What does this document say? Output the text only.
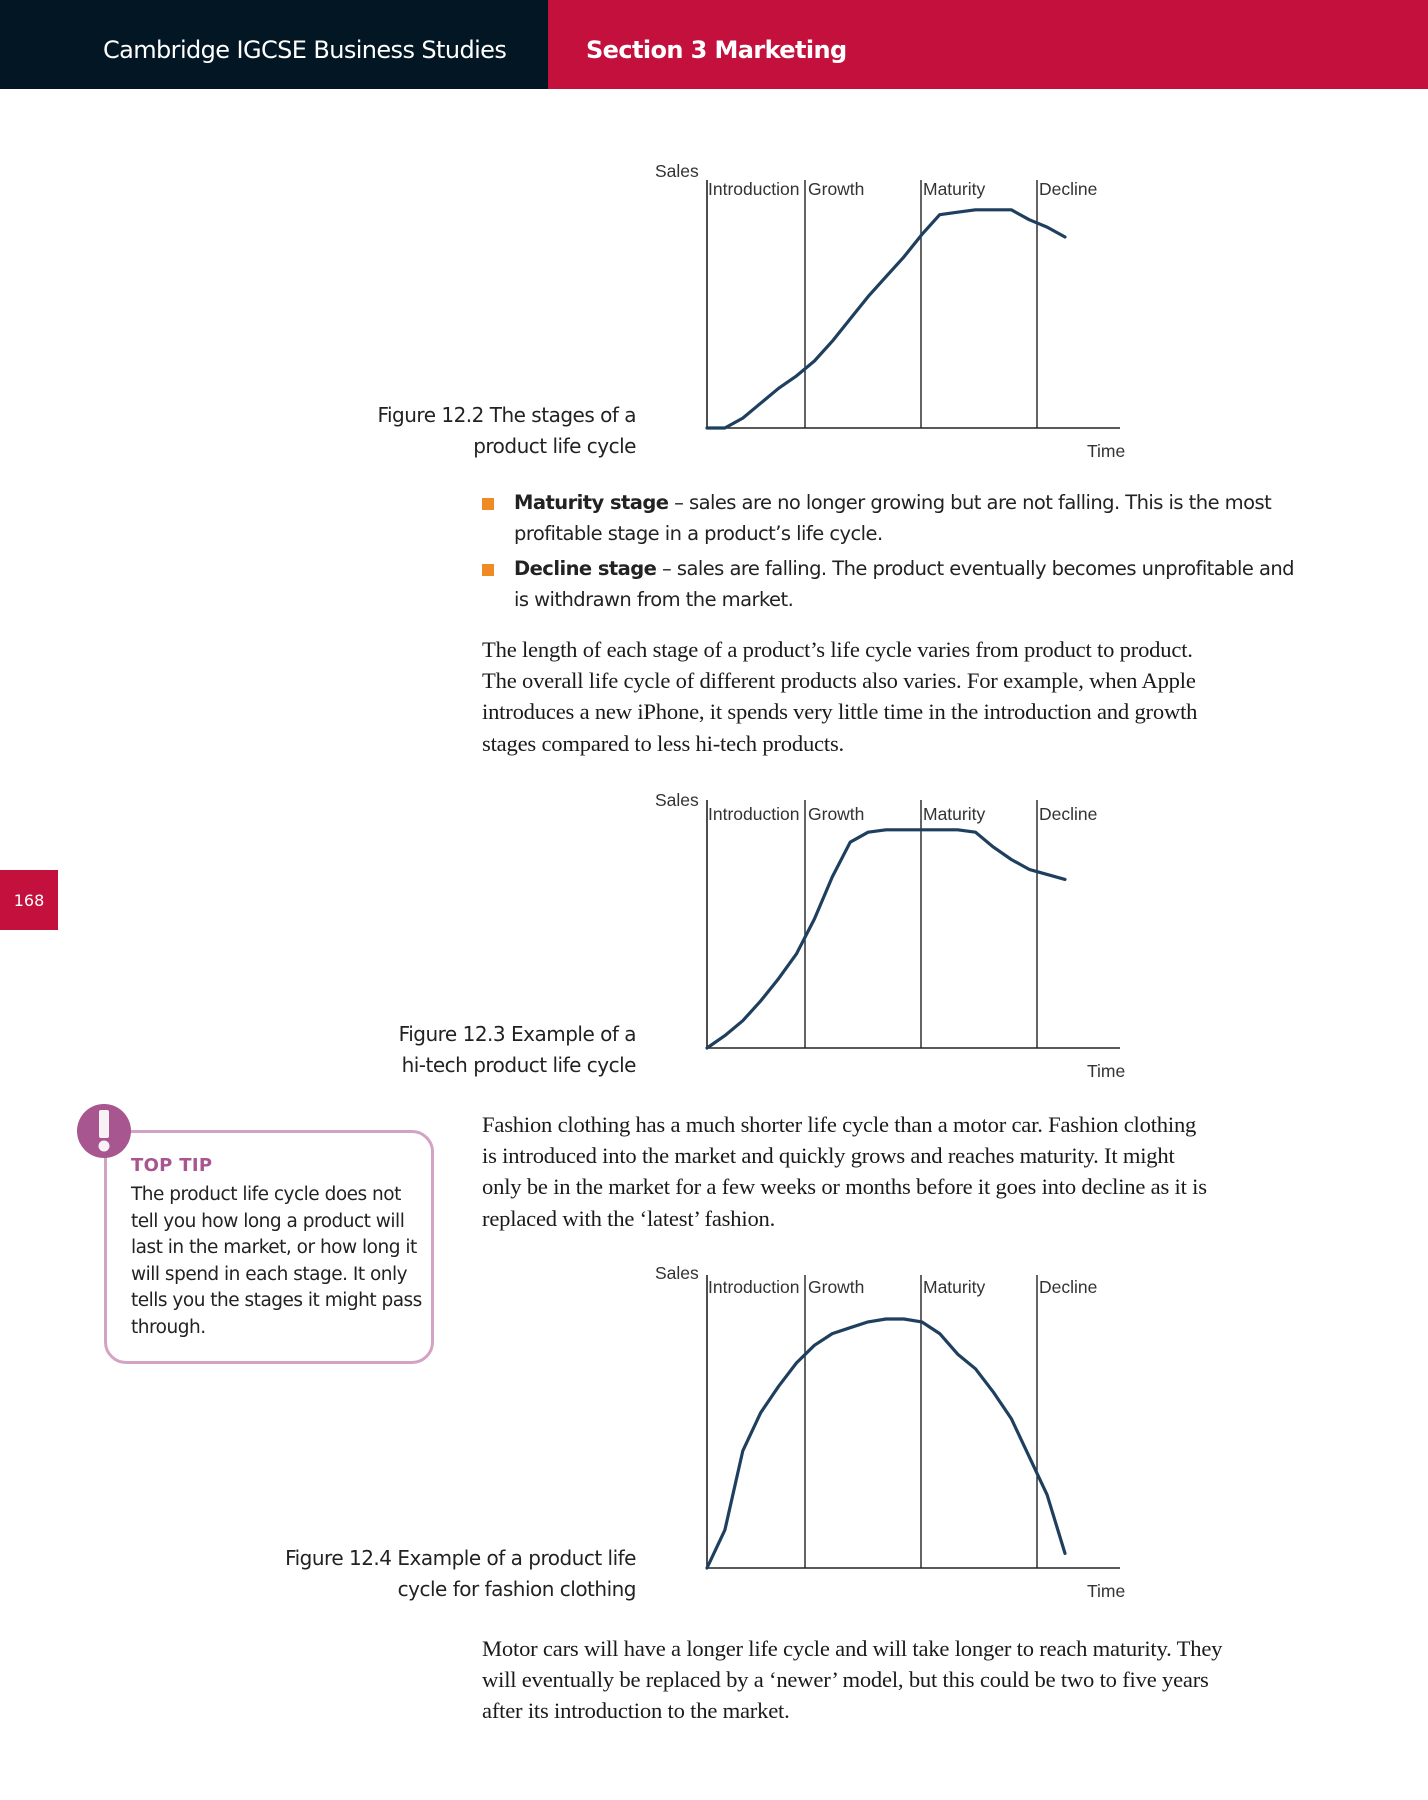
Cambridge IGCSE Business Studies	Section 3 Marketing
168
Figure 12.2 The stages of a
product life cycle
Sales
Introduction Growth	Maturity	Decline
Time
Maturity stage – sales are no longer growing but are not falling. This is the most
profitable stage in a product’s life cycle.
Decline stage – sales are falling. The product eventually becomes unprofitable and
is withdrawn from the market.
The length of each stage of a product’s life cycle varies from product to product.
The overall life cycle of different products also varies. For example, when Apple
introduces a new iPhone, it spends very little time in the introduction and growth
stages compared to less hi-tech products.
Figure 12.3 Example of a
hi-tech product life cycle
Sales
Introduction Growth	Maturity	Decline
Time
TOP TIP
The product life cycle does not
tell you how long a product will
last in the market, or how long it
will spend in each stage. It only
tells you the stages it might pass
through.
Fashion clothing has a much shorter life cycle than a motor car. Fashion clothing
is introduced into the market and quickly grows and reaches maturity. It might
only be in the market for a few weeks or months before it goes into decline as it is
replaced with the ‘latest’ fashion.
Figure 12.4 Example of a product life
cycle for fashion clothing
Sales
Introduction Growth	Maturity	Decline
Time
Motor cars will have a longer life cycle and will take longer to reach maturity. They
will eventually be replaced by a ‘newer’ model, but this could be two to five years
after its introduction to the market.
